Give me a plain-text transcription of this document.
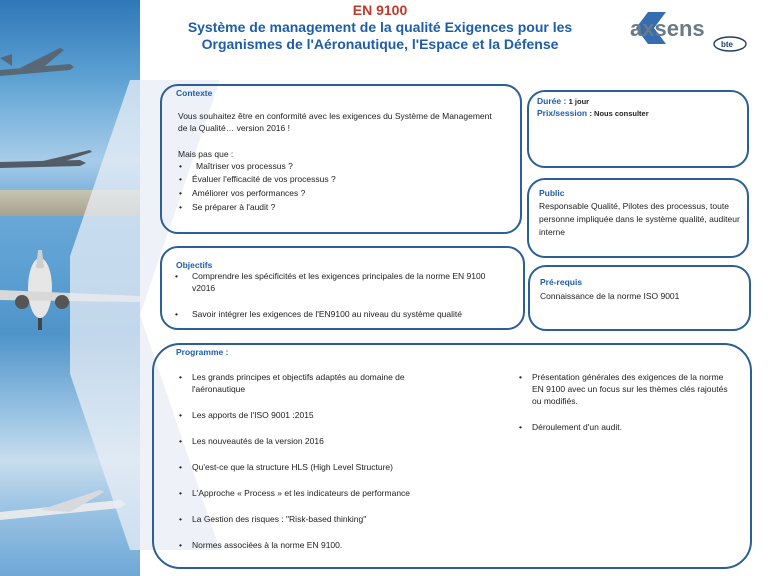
EN 9100
Système de management de la qualité Exigences pour les
Organismes de l'Aéronautique, l'Espace et la Défense
axsens
bte
Contexte
Vous souhaitez être en conformité avec les exigences du Système de Management de la Qualité… version 2016 !
Mais pas que :
• Maîtriser vos processus ?
• Évaluer l'efficacité de vos processus ?
• Améliorer vos performances ?
• Se préparer à l'audit ?
Objectifs
• Comprendre les spécificités et les exigences principales de la norme EN 9100 v2016
• Savoir intégrer les exigences de l'EN9100 au niveau du système qualité
Durée : 1 jour
Prix/session : Nous consulter
Public
Responsable Qualité, Pilotes des processus, toute personne impliquée dans le système qualité, auditeur interne
Pré-requis
Connaissance de la norme ISO 9001
Programme :
• Les grands principes et objectifs adaptés au domaine de l'aéronautique
• Les apports de l'ISO 9001 :2015
• Les nouveautés de la version 2016
• Qu'est-ce que la structure HLS (High Level Structure)
• L'Approche « Process » et les indicateurs de performance
• La Gestion des risques : "Risk-based thinking"
• Normes associées à la norme EN 9100.
• Présentation générales des exigences de la norme EN 9100 avec un focus sur les thèmes clés rajoutés ou modifiés.
• Déroulement d'un audit.
